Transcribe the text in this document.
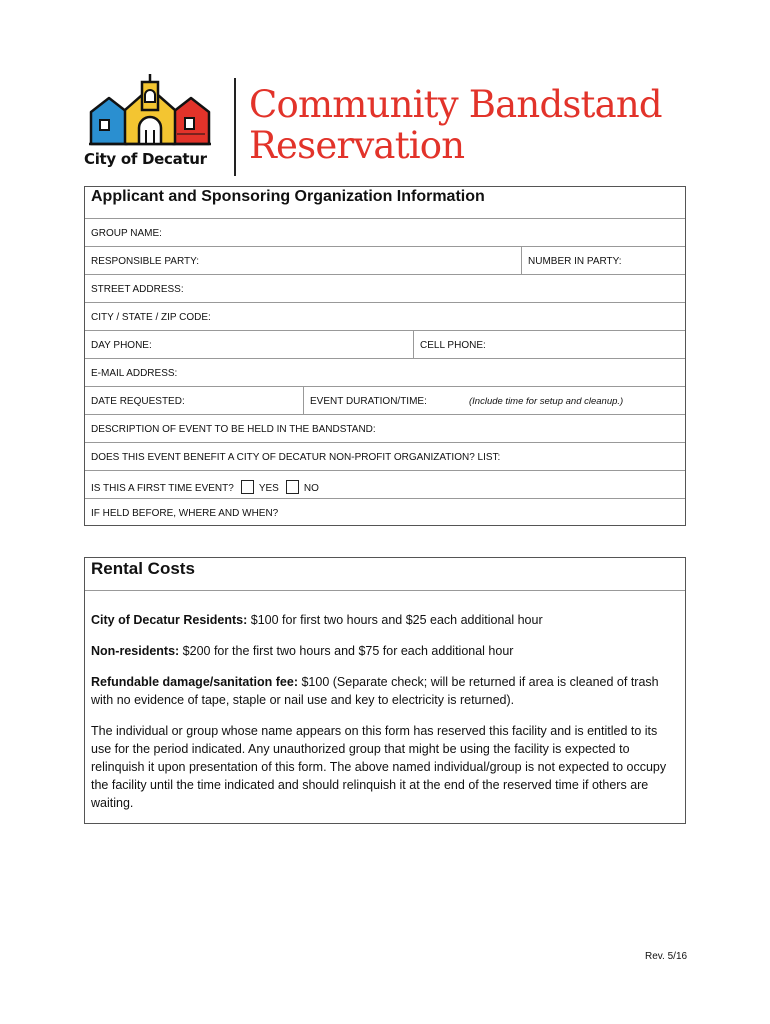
City of Decatur
Community Bandstand
Reservation
Applicant and Sponsoring Organization Information
GROUP NAME:
RESPONSIBLE PARTY:	NUMBER IN PARTY:
STREET ADDRESS:
CITY / STATE / ZIP CODE:
DAY PHONE:	CELL PHONE:
E-MAIL ADDRESS:
DATE REQUESTED:	EVENT DURATION/TIME:	(Include time for setup and cleanup.)
DESCRIPTION OF EVENT TO BE HELD IN THE BANDSTAND:
DOES THIS EVENT BENEFIT A CITY OF DECATUR NON-PROFIT ORGANIZATION? LIST:
IS THIS A FIRST TIME EVENT?	YES	NO
IF HELD BEFORE, WHERE AND WHEN?
Rental Costs

City of Decatur Residents: $100 for first two hours and $25 each additional hour

Non-residents: $200 for the first two hours and $75 for each additional hour

Refundable damage/sanitation fee: $100 (Separate check; will be returned if area is cleaned of trash with no evidence of tape, staple or nail use and key to electricity is returned).

The individual or group whose name appears on this form has reserved this facility and is entitled to its use for the period indicated. Any unauthorized group that might be using the facility is expected to relinquish it upon presentation of this form. The above named individual/group is not expected to occupy the facility until the time indicated and should relinquish it at the end of the reserved time if others are waiting.

Rev. 5/16
